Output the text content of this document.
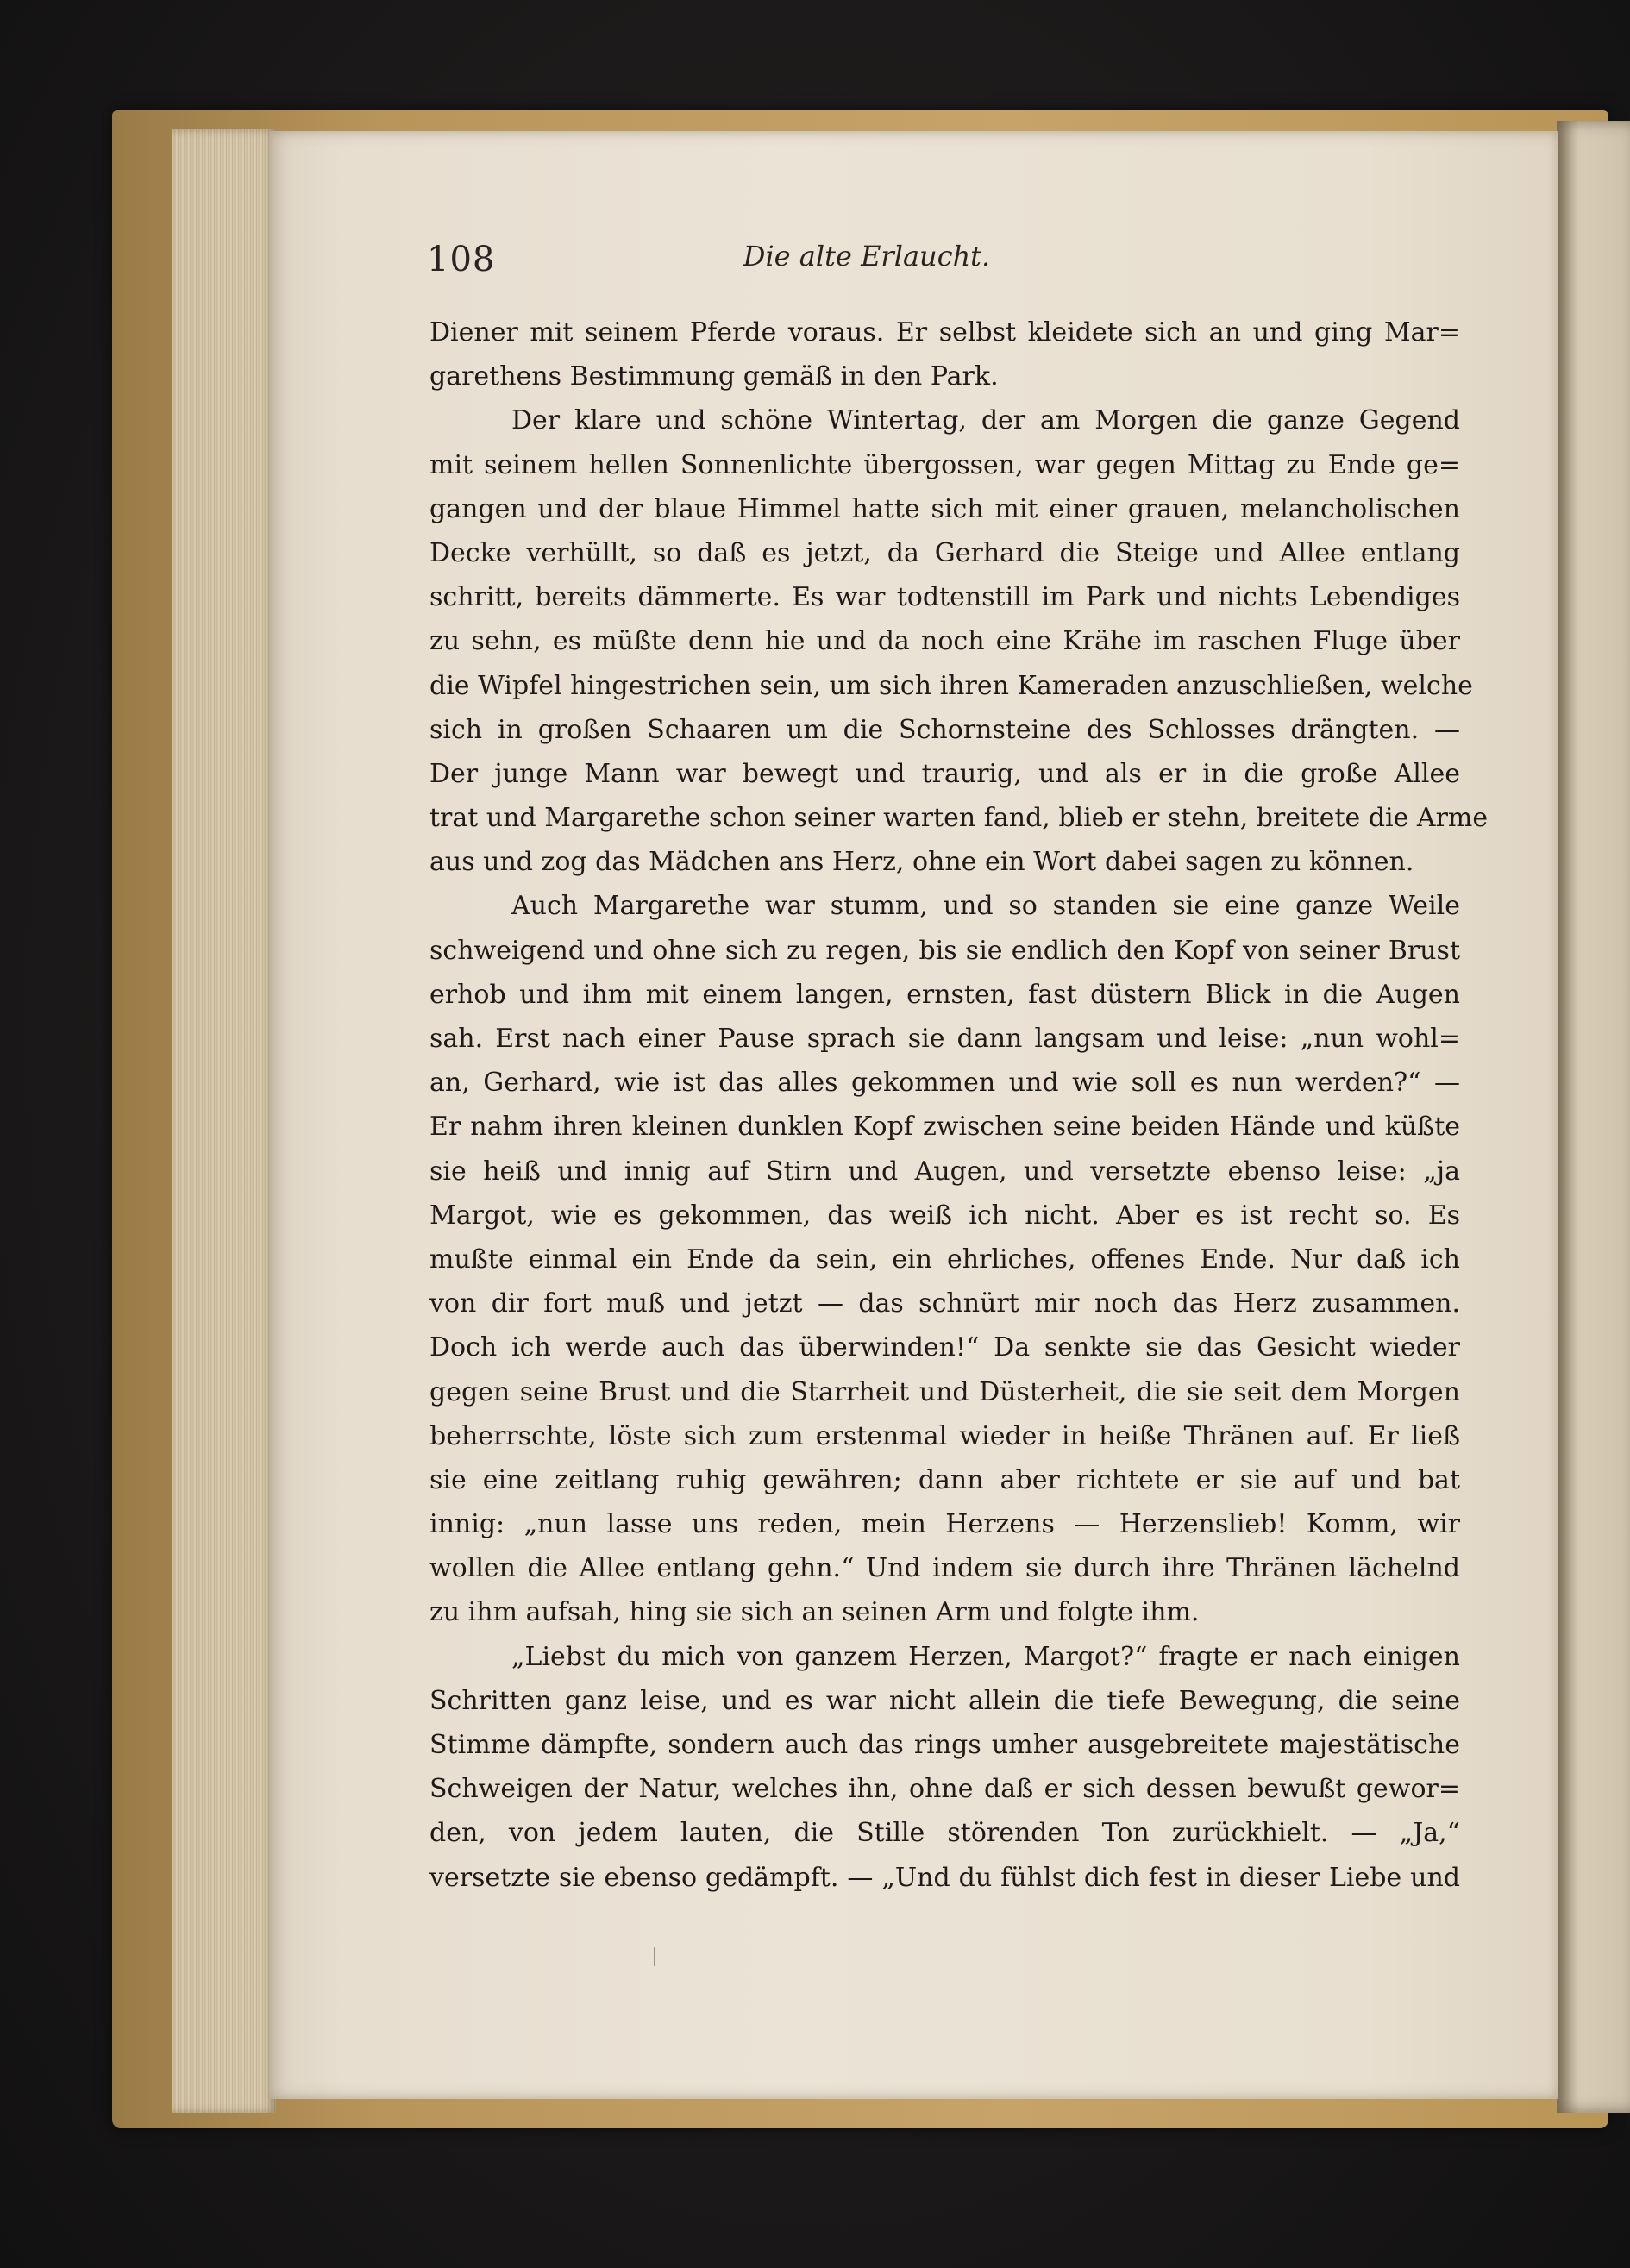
108	Die alte Erlaucht.
Diener mit seinem Pferde voraus. Er selbst kleidete sich an und ging Mar=
garethens Bestimmung gemäß in den Park.
Der klare und schöne Wintertag, der am Morgen die ganze Gegend
mit seinem hellen Sonnenlichte übergossen, war gegen Mittag zu Ende ge=
gangen und der blaue Himmel hatte sich mit einer grauen, melancholischen
Decke verhüllt, so daß es jetzt, da Gerhard die Steige und Allee entlang
schritt, bereits dämmerte. Es war todtenstill im Park und nichts Lebendiges
zu sehn, es müßte denn hie und da noch eine Krähe im raschen Fluge über
die Wipfel hingestrichen sein, um sich ihren Kameraden anzuschließen, welche
sich in großen Schaaren um die Schornsteine des Schlosses drängten. —
Der junge Mann war bewegt und traurig, und als er in die große Allee
trat und Margarethe schon seiner warten fand, blieb er stehn, breitete die Arme
aus und zog das Mädchen ans Herz, ohne ein Wort dabei sagen zu können.
Auch Margarethe war stumm, und so standen sie eine ganze Weile
schweigend und ohne sich zu regen, bis sie endlich den Kopf von seiner Brust
erhob und ihm mit einem langen, ernsten, fast düstern Blick in die Augen
sah. Erst nach einer Pause sprach sie dann langsam und leise: „nun wohl=
an, Gerhard, wie ist das alles gekommen und wie soll es nun werden?“ —
Er nahm ihren kleinen dunklen Kopf zwischen seine beiden Hände und küßte
sie heiß und innig auf Stirn und Augen, und versetzte ebenso leise: „ja
Margot, wie es gekommen, das weiß ich nicht. Aber es ist recht so. Es
mußte einmal ein Ende da sein, ein ehrliches, offenes Ende. Nur daß ich
von dir fort muß und jetzt — das schnürt mir noch das Herz zusammen.
Doch ich werde auch das überwinden!“ Da senkte sie das Gesicht wieder
gegen seine Brust und die Starrheit und Düsterheit, die sie seit dem Morgen
beherrschte, löste sich zum erstenmal wieder in heiße Thränen auf. Er ließ
sie eine zeitlang ruhig gewähren; dann aber richtete er sie auf und bat
innig: „nun lasse uns reden, mein Herzens — Herzenslieb! Komm, wir
wollen die Allee entlang gehn.“ Und indem sie durch ihre Thränen lächelnd
zu ihm aufsah, hing sie sich an seinen Arm und folgte ihm.
„Liebst du mich von ganzem Herzen, Margot?“ fragte er nach einigen
Schritten ganz leise, und es war nicht allein die tiefe Bewegung, die seine
Stimme dämpfte, sondern auch das rings umher ausgebreitete majestätische
Schweigen der Natur, welches ihn, ohne daß er sich dessen bewußt gewor=
den, von jedem lauten, die Stille störenden Ton zurückhielt. — „Ja,“
versetzte sie ebenso gedämpft. — „Und du fühlst dich fest in dieser Liebe und
